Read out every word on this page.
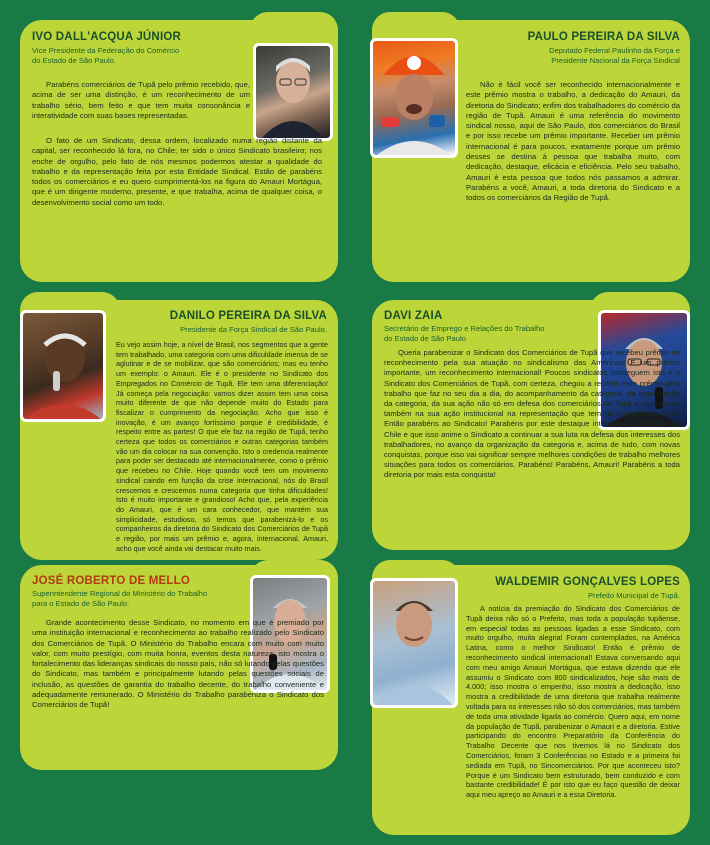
IVO DALL'ACQUA JÚNIOR
Vice Presidente da Federação do Comércio
do Estado de São Paulo.

Parabéns comerciários de Tupã pelo prêmio recebido, que, acima de ser uma distinção, é um reconhecimento de um trabalho sério, bem feito e que tem muita consonância e interatividade com suas bases representadas.

O fato de um Sindicato, dessa ordem, localizado numa região distante da capital, ser reconhecido lá fora, no Chile; ter sido o único Sindicato brasileiro; nos enche de orgulho, pelo fato de nós mesmos podermos atestar a qualidade do trabalho e da representação feita por esta Entidade Sindical. Estão de parabéns todos os comerciários e eu quero cumprimentá-los na figura do Amauri Mortágua, que é um dirigente moderno, presente, e que trabalha, acima de qualquer coisa, o desenvolvimento social como um todo.

PAULO PEREIRA DA SILVA
Deputado Federal Paulinho da Força e
Presidente Nacional da Força Sindical

Não é fácil você ser reconhecido internacionalmente e este prêmio mostra o trabalho, a dedicação do Amauri, da diretoria do Sindicato; enfim dos trabalhadores do comércio da região de Tupã. Amauri é uma referência do movimento sindical nosso, aqui de São Paulo, dos comerciários do Brasil e por isso recebe um prêmio importante. Receber um prêmio internacional é para poucos, exatamente porque um prêmio desses se destina à pessoa que trabalha muito, com dedicação, destaque, eficácia e eficiência. Pelo seu trabalho, Amauri é esta pessoa que todos nós passamos a admirar. Parabéns a você, Amauri, a toda diretoria do Sindicato e a todos os comerciários da Região de Tupã.

DANILO PEREIRA DA SILVA
Presidente da Força Sindical de São Paulo.

Eu vejo assim hoje, a nível de Brasil, nos segmentos que a gente tem trabalhado, uma categoria com uma dificuldade imensa de se aglutinar e de se mobilizar, que são comerciários; mas eu tenho um exemplo: o Amauri. Ele é o presidente no Sindicato dos Empregados no Comércio de Tupã. Ele tem uma diferenciação! Já começa pela negociação: vamos dizer assim tem uma coisa muito diferente de que não depende muito do Estado para fiscalizar o cumprimento da negociação. Acho que isso é inovação, é um avanço fortíssimo porque é credibilidade, é respeito entre as partes! O que ele faz na região de Tupã, tenho certeza que todos os comerciários e outras categorias também vão um dia colocar na sua convenção. Isto o credencia realmente para poder ser destacado até internacionalmente, como o prêmio que recebeu no Chile. Hoje quando você tem um movimento sindical caindo em função da crise internacional, nós do Brasil crescemos e crescemos numa categoria que tinha dificuldades! Isto é muito importante e grandioso! Acho que, pela experiência do Amauri, que é um cara conhecedor, que mantém sua simplicidade, estudioso, só temos que parabenizá-lo e os companheiros da diretoria do Sindicato dos Comerciários de Tupã e região, por mais um prêmio e, agora, internacional. Amauri, acho que você ainda vai destacar muito mais.

DAVI ZAIA
Secretário de Emprego e Relações do Trabalho
do Estado de São Paulo

Queria parabenizar o Sindicato dos Comerciários de Tupã que recebeu prêmio de reconhecimento pela sua atuação no sindicalismo das Américas! É um prêmio importante, um reconhecimento internacional! Poucos sindicatos conseguem isto e o Sindicato dos Comerciários de Tupã, com certeza, chegou a receber este prêmio pelo trabalho que faz no seu dia a dia, do acompanhamento da categoria, da organização da categoria, da sua ação não só em defesa dos comerciários de Tupã e região mas também na sua ação institucional na representação que tem na comunidade local. Então parabéns ao Sindicato! Parabéns por este destaque internacional recebido no Chile e que isso anime o Sindicato a continuar a sua luta na defesa dos interesses dos trabalhadores, no avanço da organização da categoria e, acima de tudo, com novas conquistas, porque isso vai significar sempre melhores condições de trabalho melhores situações para todos os comerciários. Parabéns! Parabéns, Amauri! Parabéns a toda diretoria por mais esta conquista!

JOSÉ ROBERTO DE MELLO
Superintendente Regional do Ministério do Trabalho
para o Estado de São Paulo.

Grande acontecimento desse Sindicato, no momento em que é premiado por uma instituição internacional e reconhecimento ao trabalho realizado pelo Sindicato dos Comerciários de Tupã. O Ministério do Trabalho encara com muito com muito valor, com muito prestígio, com muita honra, eventos desta natureza; isto mostra o fortalecimento das lideranças sindicais do nosso país, não só lutando pelas questões do Sindicato, mas também e principalmente lutando pelas questões sociais de inclusão, as questões de garantia do trabalho decente, do trabalho conveniente e adequadamente remunerado. O Ministério do Trabalho parabeniza o Sindicato dos Comerciários de Tupã!

WALDEMIR GONÇALVES LOPES
Prefeito Municipal de Tupã.

A notícia da premiação do Sindicato dos Comerciários de Tupã deixa não só o Prefeito, mas toda a população tupãense, em especial todas as pessoas ligadas a esse Sindicato, com muito orgulho, muita alegria! Foram contemplados, na América Latina, como o melhor Sindicato! Então é prêmio de reconhecimento sindical internacional! Estava conversando aqui com meu amigo Amauri Mortágua, que estava dizendo que ele assumiu o Sindicato com 800 sindicalizados, hoje são mais de 4.000; isso mostra o empenho, isso mostra a dedicação, isso mostra a credibilidade de uma diretoria que trabalha realmente voltada para os interesses não só dos comerciários, mas também de toda uma atividade ligada ao comércio. Quero aqui, em nome da população de Tupã, parabenizar o Amauri e a diretoria. Estive participando do encontro Preparatório da Conferência do Trabalho Decente que nos tivemos lá no Sindicato dos Comerciários, foram 3 Conferências no Estado e a primeira foi sediada em Tupã, no Sincomerciários. Por que aconteceu isto? Porque é um Sindicato bem estruturado, bem conduzido e com bastante credibilidade! É por isto que eu faço questão de deixar aqui meu apreço ao Amauri e a essa Diretoria.
